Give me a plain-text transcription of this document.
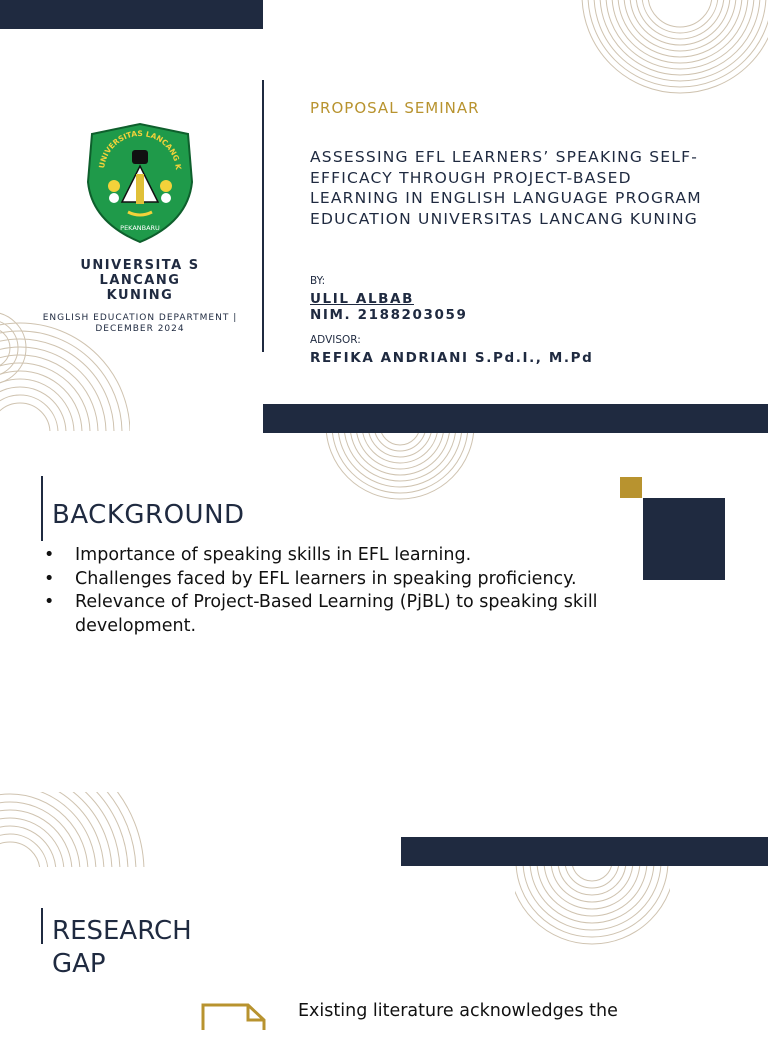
UNIVERSITAS LANCANG K
PEKANBARU
UNIVERSITA S LANCANG KUNING
ENGLISH EDUCATION DEPARTMENT | DECEMBER 2024
PROPOSAL SEMINAR
ASSESSING EFL LEARNERS’ SPEAKING SELF-EFFICACY THROUGH PROJECT-BASED LEARNING IN ENGLISH LANGUAGE PROGRAM EDUCATION UNIVERSITAS LANCANG KUNING
BY:
ULIL ALBAB
NIM. 2188203059
ADVISOR:
REFIKA ANDRIANI S.Pd.I., M.Pd
BACKGROUND
• Importance of speaking skills in EFL learning.
• Challenges faced by EFL learners in speaking proficiency.
• Relevance of Project-Based Learning (PjBL) to speaking skill development.
RESEARCH GAP
Existing literature acknowledges the
